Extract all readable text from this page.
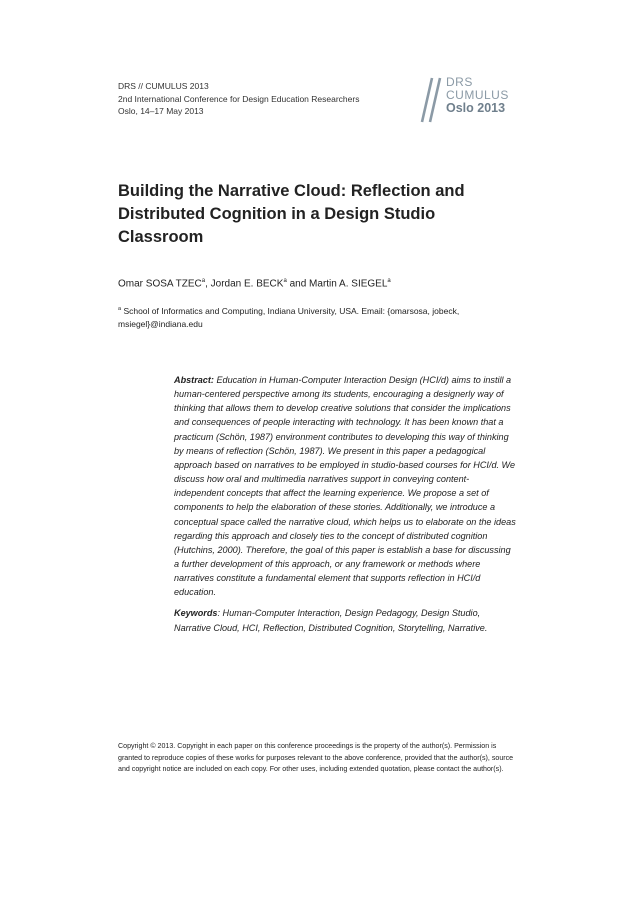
DRS // CUMULUS 2013
2nd International Conference for Design Education Researchers
Oslo, 14–17 May 2013
DRS
CUMULUS
Oslo 2013
Building the Narrative Cloud: Reflection and Distributed Cognition in a Design Studio Classroom
Omar SOSA TZEC$^a$, Jordan E. BECK$^a$ and Martin A. SIEGEL$^a$
$^a$ School of Informatics and Computing, Indiana University, USA. Email: {omarsosa, jobeck, msiegel}@indiana.edu

Abstract: Education in Human-Computer Interaction Design (HCI/d) aims to instill a human-centered perspective among its students, encouraging a designerly way of thinking that allows them to develop creative solutions that consider the implications and consequences of people interacting with technology. It has been known that a practicum (Schön, 1987) environment contributes to developing this way of thinking by means of reflection (Schön, 1987). We present in this paper a pedagogical approach based on narratives to be employed in studio-based courses for HCI/d. We discuss how oral and multimedia narratives support in conveying content-independent concepts that affect the learning experience. We propose a set of components to help the elaboration of these stories. Additionally, we introduce a conceptual space called the narrative cloud, which helps us to elaborate on the ideas regarding this approach and closely ties to the concept of distributed cognition (Hutchins, 2000). Therefore, the goal of this paper is establish a base for discussing a further development of this approach, or any framework or methods where narratives constitute a fundamental element that supports reflection in HCI/d education.

Keywords: Human-Computer Interaction, Design Pedagogy, Design Studio, Narrative Cloud, HCI, Reflection, Distributed Cognition, Storytelling, Narrative.

Copyright © 2013. Copyright in each paper on this conference proceedings is the property of the author(s). Permission is granted to reproduce copies of these works for purposes relevant to the above conference, provided that the author(s), source and copyright notice are included on each copy. For other uses, including extended quotation, please contact the author(s).
